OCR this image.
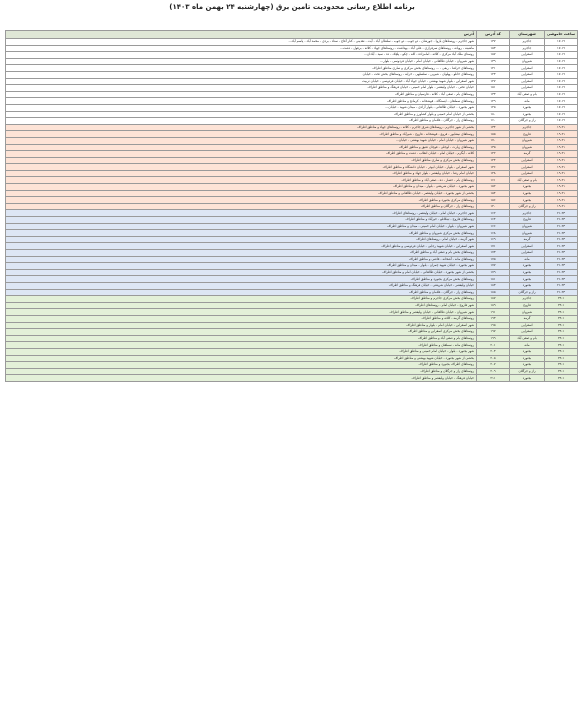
برنامه اطلاع رسانی محدودیت تامین برق (چهارشنبه ۲۴ بهمن ماه ۱۴۰۳)
ساعت خاموشی	شهرستان	کد آدرس	آدرس
۱۷-۱۹	جاجرم	۱۳۷	شهر جاجرم - روستاهای بازوا - جورشان - دو جوب - دو جوب - سلطان آباد - آیت - نقدینی - کنار آغاج - ستاد - بردی - محمد آباد - پاسم آباد...
۱۷-۱۹	جاجرم	۱۵۳	ماشینه - رویانه - روستاهای سرفرازی - علی آباد - بهداشت - روستاهای جهاد - کلاته - برغول - دشت...
۱۷-۱۹	اسفراین	۱۵۷	روستای ملک آباد مرکزی - کلاته - امامزاده - کله - چکو - پلچک - ده - سید - آبادان...
۱۷-۱۹	شیروان	۱۳۹	شهر شیروان - خیابان طالقانی - خیابان امام - خیابان فردوسی - بلوار...
۱۷-۱۹	اسفراین	۱۴۱	روستاهای خراشا - ربعی - ... روستاهای بخش مرکزی و ساری مناطق اطراف
۱۷-۱۹	اسفراین	۱۴۳	روستاهای خانلو - پهلوان - شیرین - سلسلهی - خرابه - روستاهای بخش تخت - خیابان
۱۷-۱۹	اسفراین	۱۴۷	شهر اسفراین - بلوار شهید بهشتی - خیابان جواد آباد - خیابان فردوسی - خیابان تربیت
۱۷-۱۹	اسفراین	۱۵۱	خیابان تختی - خیابان ولیعصر - بلوار امام خمینی - خیابان فرهنگ و مناطق اطراف
۱۷-۱۹	بام و صفی آباد	۱۳۳	روستاهای بام - صفی آباد - کلاته - فارسیان و مناطق اطراف
۱۷-۱۹	مانه	۱۴۹	روستاهای سملقان - ایستگاه - قوشخانه - کرمانج و مناطق اطراف
۱۷-۱۹	بجنورد	۱۴۵	شهر بجنورد - خیابان طالقانی - بلوار آزادی - میدان شهید - خیابان...
۱۷-۱۹	بجنورد	۱۸۰	بخشی از خیابان امام خمینی و بلوار کشاورز و مناطق اطراف
۱۷-۱۹	راز و جرگلان	۱۶۰	روستاهای راز - جرگلان - غلامان و مناطق اطراف
۱۹-۲۱	جاجرم	۱۳۴	بخشی از شهر جاجرم - روستاهای شرق جاجرم - کلاته - روستاهای جهاد و مناطق اطراف
۱۹-۲۱	فاروج	۱۵۵	روستاهای نیشابور - فروغ - قوشخانه - فاروج - شیرآباد و مناطق اطراف
۱۹-۲۱	شیروان	۱۷۰	شهر شیروان - خیابان امام - خیابان شهید بهشتی - خیابان...
۱۹-۲۱	شیروان	۱۳۵	روستاهای زیارت - لوجلی - قوچان عتیق و مناطق اطراف
۱۹-۲۱	گرمه	۱۴۲	کلاته - آبگرم - خیابان امام - خیابان انقلاب - دشت و مناطق اطراف
۱۹-۲۱	اسفراین	۱۴۴	روستاهای بخش مرکزی و ساری مناطق اطراف
۱۹-۲۱	اسفراین	۱۴۶	شهر اسفراین - بلوار - خیابان ابوذر - خیابان دانشگاه و مناطق اطراف
۱۹-۲۱	اسفراین	۱۴۸	خیابان امام رضا - خیابان ولیعصر - بلوار جهاد و مناطق اطراف
۱۹-۲۱	بام و صفی آباد	۱۶۱	روستاهای بام - حصار - ده - صفی آباد و مناطق اطراف
۱۹-۲۱	بجنورد	۱۵۲	شهر بجنورد - خیابان شریعتی - بلوار - میدان و مناطق اطراف
۱۹-۲۱	بجنورد	۱۵۴	بخشی از شهر بجنورد - خیابان ولیعصر - خیابان طالقانی و مناطق اطراف
۱۹-۲۱	بجنورد	۱۵۶	روستاهای مرکزی بجنورد و مناطق اطراف
۱۹-۲۱	راز و جرگلان	۱۴۰	روستاهای راز - جرگلان و مناطق اطراف
۲۱-۲۳	جاجرم	۱۶۲	شهر جاجرم - خیابان امام - خیابان ولیعصر - روستاهای اطراف
۲۱-۲۳	فاروج	۱۶۴	روستاهای فاروج - تیتکانلو - خیرآباد و مناطق اطراف
۲۱-۲۳	شیروان	۱۶۶	شهر شیروان - بلوار - خیابان امام خمینی - میدان و مناطق اطراف
۲۱-۲۳	شیروان	۱۶۸	روستاهای بخش مرکزی شیروان و مناطق اطراف
۲۱-۲۳	گرمه	۱۶۹	شهر گرمه - خیابان امام - روستاهای اطراف
۲۱-۲۳	اسفراین	۱۷۱	شهر اسفراین - خیابان شهید رجایی - خیابان فردوسی و مناطق اطراف
۲۱-۲۳	اسفراین	۱۷۳	روستاهای بخش بام و صفی آباد و مناطق اطراف
۲۱-۲۳	مانه	۱۷۵	روستاهای مانه - آشخانه - قاضی و مناطق اطراف
۲۱-۲۳	بجنورد	۱۷۷	شهر بجنورد - خیابان شهید چمران - بلوار - میدان و مناطق اطراف
۲۱-۲۳	بجنورد	۱۷۹	بخشی از شهر بجنورد - خیابان طالقانی - خیابان امام و مناطق اطراف
۲۱-۲۳	بجنورد	۱۸۱	روستاهای بخش مرکزی بجنورد و مناطق اطراف
۲۱-۲۳	بجنورد	۱۸۳	خیابان ولیعصر - خیابان شریعتی - خیابان فرهنگ و مناطق اطراف
۲۱-۲۳	راز و جرگلان	۱۸۵	روستاهای راز - جرگلان - غلامان و مناطق اطراف
۲۳-۱	جاجرم	۱۸۷	روستاهای بخش مرکزی جاجرم و مناطق اطراف
۲۳-۱	فاروج	۱۸۹	شهر فاروج - خیابان امام - روستاهای اطراف
۲۳-۱	شیروان	۱۹۱	شهر شیروان - خیابان طالقانی - خیابان ولیعصر و مناطق اطراف
۲۳-۱	گرمه	۱۹۳	روستاهای گرمه - کلاته و مناطق اطراف
۲۳-۱	اسفراین	۱۹۵	شهر اسفراین - خیابان امام - بلوار و مناطق اطراف
۲۳-۱	اسفراین	۱۹۷	روستاهای بخش مرکزی اسفراین و مناطق اطراف
۲۳-۱	بام و صفی آباد	۱۹۹	روستاهای بام و صفی آباد و مناطق اطراف
۲۳-۱	مانه	۲۰۱	روستاهای مانه - سملقان و مناطق اطراف
۲۳-۱	بجنورد	۲۰۳	شهر بجنورد - بلوار - خیابان امام خمینی و مناطق اطراف
۲۳-۱	بجنورد	۲۰۵	بخشی از شهر بجنورد - خیابان شهید بهشتی و مناطق اطراف
۲۳-۱	بجنورد	۲۰۷	روستاهای اطراف بجنورد و مناطق اطراف
۲۳-۱	راز و جرگلان	۲۰۹	روستاهای راز و جرگلان و مناطق اطراف
۲۳-۱	بجنورد	۲۱۱	خیابان فرهنگ - خیابان ولیعصر و مناطق اطراف
